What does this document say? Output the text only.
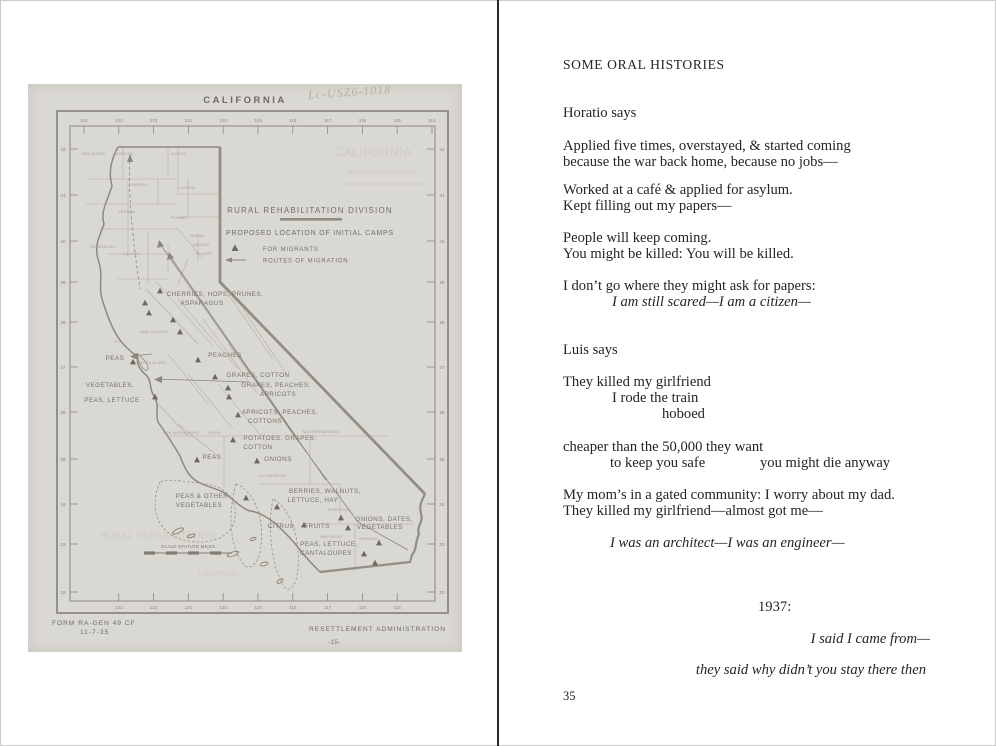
CALIFORNIA	Lc-USZ6-1018
CALIFORNIA
RURAL REHABILITATION
LOCATION
124	123	122	121	120	119	118	117	116	115	114
123	122	121	120	119	118	117	116	115
42	42
41	41
40	40
39	39
38	38
37	37
36	36
35	35
34	34
33	33
32	32
DEL NORTE SISKIYOU	MODOC
SHASTA
LASSEN
TEHAMA
PLUMAS
MENDOCINO
COLUSA
SIERRA
NEVADA
PLACER
SAN JOAQUIN
S.F.
SANTA CLARA
SAN LUIS OBISPO	KERN	SAN BERNARDINO
LOS ANGELES
RIVERSIDE
SAN DIEGO	IMPERIAL
CHERRIES, HOPS, PRUNES,
ASPARAGUS
PEAS	PEACHES
GRAPES, COTTON
GRAPES, PEACHES,
APRICOTS
APRICOTS, PEACHES,
COTTONS
VEGETABLES,
PEAS, LETTUCE
POTATOES, GRAPES,
COTTON
PEAS	ONIONS
PEAS & OTHER
VEGETABLES
BERRIES, WALNUTS,
LETTUCE, HAY
CITRUS FRUITS
ONIONS, DATES,
VEGETABLES
PEAS, LETTUCE,
CANTALOUPES
RURAL REHABILITATION DIVISION
PROPOSED LOCATION OF INITIAL CAMPS
FOR MIGRANTS
ROUTES OF MIGRATION
SCALE-STATUTE MILES
FORM RA-GEN 49 CF
11-7-35	RESETTLEMENT ADMINISTRATION
-15-
SOME ORAL HISTORIES
Horatio says
Applied five times, overstayed, & started coming
because the war back home, because no jobs—
Worked at a café & applied for asylum.
Kept filling out my papers—
People will keep coming.
You might be killed: You will be killed.
I don’t go where they might ask for papers:
I am still scared—I am a citizen—
Luis says
They killed my girlfriend
I rode the train
hoboed
cheaper than the 50,000 they want
to keep you safe	you might die anyway
My mom’s in a gated community: I worry about my dad.
They killed my girlfriend—almost got me—
I was an architect—I was an engineer—
1937:
I said I came from—
they said why didn’t you stay there then
35
